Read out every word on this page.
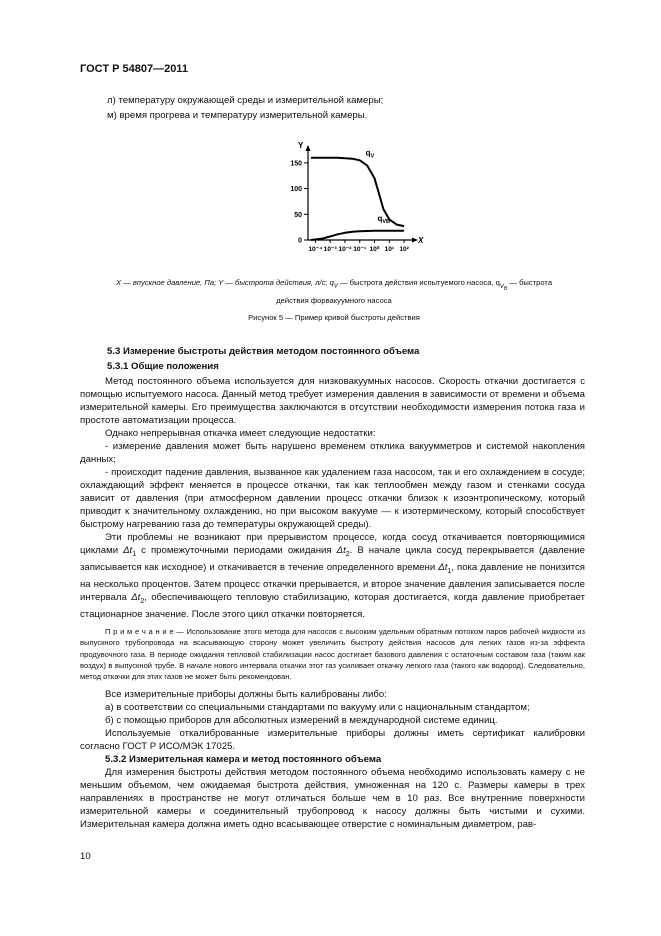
ГОСТ Р 54807—2011
л) температуру окружающей среды и измерительной камеры;
м) время прогрева и температуру измерительной камеры.
Y
X
0
50
100
150
10⁻⁴ 10⁻³ 10⁻² 10⁻¹ 10⁰ 10¹ 10²
$q_V$
$q_{VB}$
X — впускное давление, Па; Y — быстрота действия, л/с; $q_V$ — быстрота действия испытуемого насоса, $q_{V_B}$ — быстрота
действия форвакуумного насоса
Рисунок 5 — Пример кривой быстроты действия
5.3 Измерение быстроты действия методом постоянного объема
5.3.1 Общие положения

Метод постоянного объема используется для низковакуумных насосов. Скорость откачки достигается с помощью испытуемого насоса. Данный метод требует измерения давления в зависимости от времени и объема измерительной камеры. Его преимущества заключаются в отсутствии необходимости измерения потока газа и простоте автоматизации процесса.

Однако непрерывная откачка имеет следующие недостатки:

- измерение давления может быть нарушено временем отклика вакуумметров и системой накопления данных;

- происходит падение давления, вызванное как удалением газа насосом, так и его охлаждением в сосуде; охлаждающий эффект меняется в процессе откачки, так как теплообмен между газом и стенками сосуда зависит от давления (при атмосферном давлении процесс откачки близок к изоэнтропическому, который приводит к значительному охлаждению, но при высоком вакууме — к изотермическому, который способствует быстрому нагреванию газа до температуры окружающей среды).

Эти проблемы не возникают при прерывистом процессе, когда сосуд откачивается повторяющимися циклами $\Delta t_1$ с промежуточными периодами ожидания $\Delta t_2$. В начале цикла сосуд перекрывается (давление записывается как исходное) и откачивается в течение определенного времени $\Delta t_1$, пока давление не понизится на несколько процентов. Затем процесс откачки прерывается, и второе значение давления записывается после интервала $\Delta t_2$, обеспечивающего тепловую стабилизацию, которая достигается, когда давление приобретает стационарное значение. После этого цикл откачки повторяется.

П р и м е ч а н и е — Использование этого метода для насосов с высоким удельным обратным потоком паров рабочей жидкости из выпускного трубопровода на всасывающую сторону может увеличить быстроту действия насосов для легких газов из-за эффекта продувочного газа. В периоде ожидания тепловой стабилизации насос достигает базового давления с остаточным составом газа (таким как воздух) в выпускной трубе. В начале нового интервала откачки этот газ усиливает откачку легкого газа (такого как водород). Следовательно, метод откачки для этих газов не может быть рекомендован.

Все измерительные приборы должны быть калиброваны либо:

а) в соответствии со специальными стандартами по вакууму или с национальным стандартом;

б) с помощью приборов для абсолютных измерений в международной системе единиц.

Используемые откалиброванные измерительные приборы должны иметь сертификат калибровки согласно ГОСТ Р ИСО/МЭК 17025.

5.3.2 Измерительная камера и метод постоянного объема

Для измерения быстроты действия методом постоянного объема необходимо использовать камеру с не меньшим объемом, чем ожидаемая быстрота действия, умноженная на 120 с. Размеры камеры в трех направлениях в пространстве не могут отличаться больше чем в 10 раз. Все внутренние поверхности измерительной камеры и соединительный трубопровод к насосу должны быть чистыми и сухими. Измерительная камера должна иметь одно всасывающее отверстие с номинальным диаметром, рав-

10
